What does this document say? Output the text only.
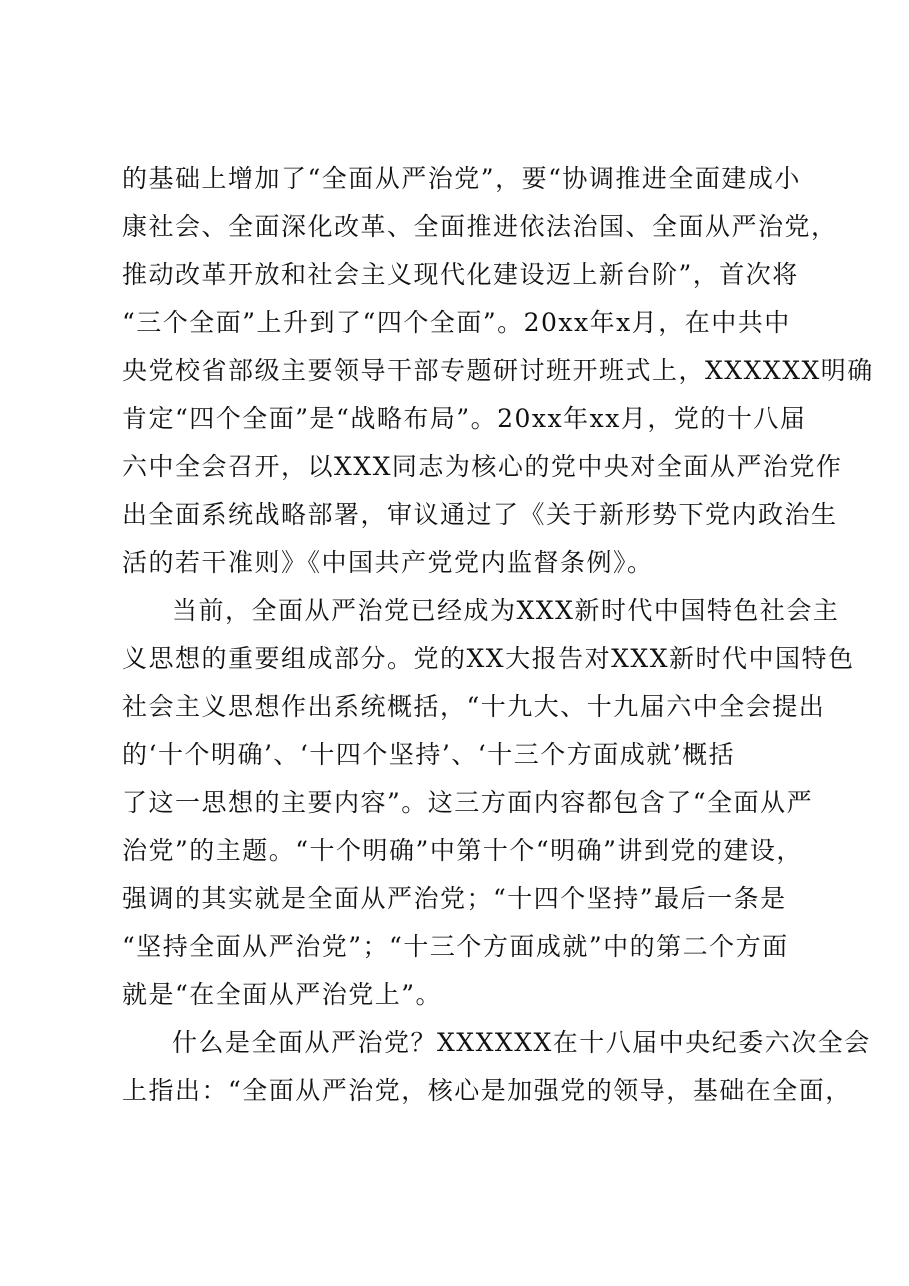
的基础上增加了“全面从严治党”，要“协调推进全面建成小
康社会、全面深化改革、全面推进依法治国、全面从严治党，
推动改革开放和社会主义现代化建设迈上新台阶”，首次将
“三个全面”上升到了“四个全面”。20xx年x月，在中共中
央党校省部级主要领导干部专题研讨班开班式上，XXXXXX明确
肯定“四个全面”是“战略布局”。20xx年xx月，党的十八届
六中全会召开，以XXX同志为核心的党中央对全面从严治党作
出全面系统战略部署，审议通过了《关于新形势下党内政治生
活的若干准则》《中国共产党党内监督条例》。

当前，全面从严治党已经成为XXX新时代中国特色社会主
义思想的重要组成部分。党的XX大报告对XXX新时代中国特色
社会主义思想作出系统概括，“十九大、十九届六中全会提出
的‘十个明确’、‘十四个坚持’、‘十三个方面成就’概括
了这一思想的主要内容”。这三方面内容都包含了“全面从严
治党”的主题。“十个明确”中第十个“明确”讲到党的建设，
强调的其实就是全面从严治党；“十四个坚持”最后一条是
“坚持全面从严治党”；“十三个方面成就”中的第二个方面
就是“在全面从严治党上”。

什么是全面从严治党？XXXXXX在十八届中央纪委六次全会
上指出：“全面从严治党，核心是加强党的领导，基础在全面，
